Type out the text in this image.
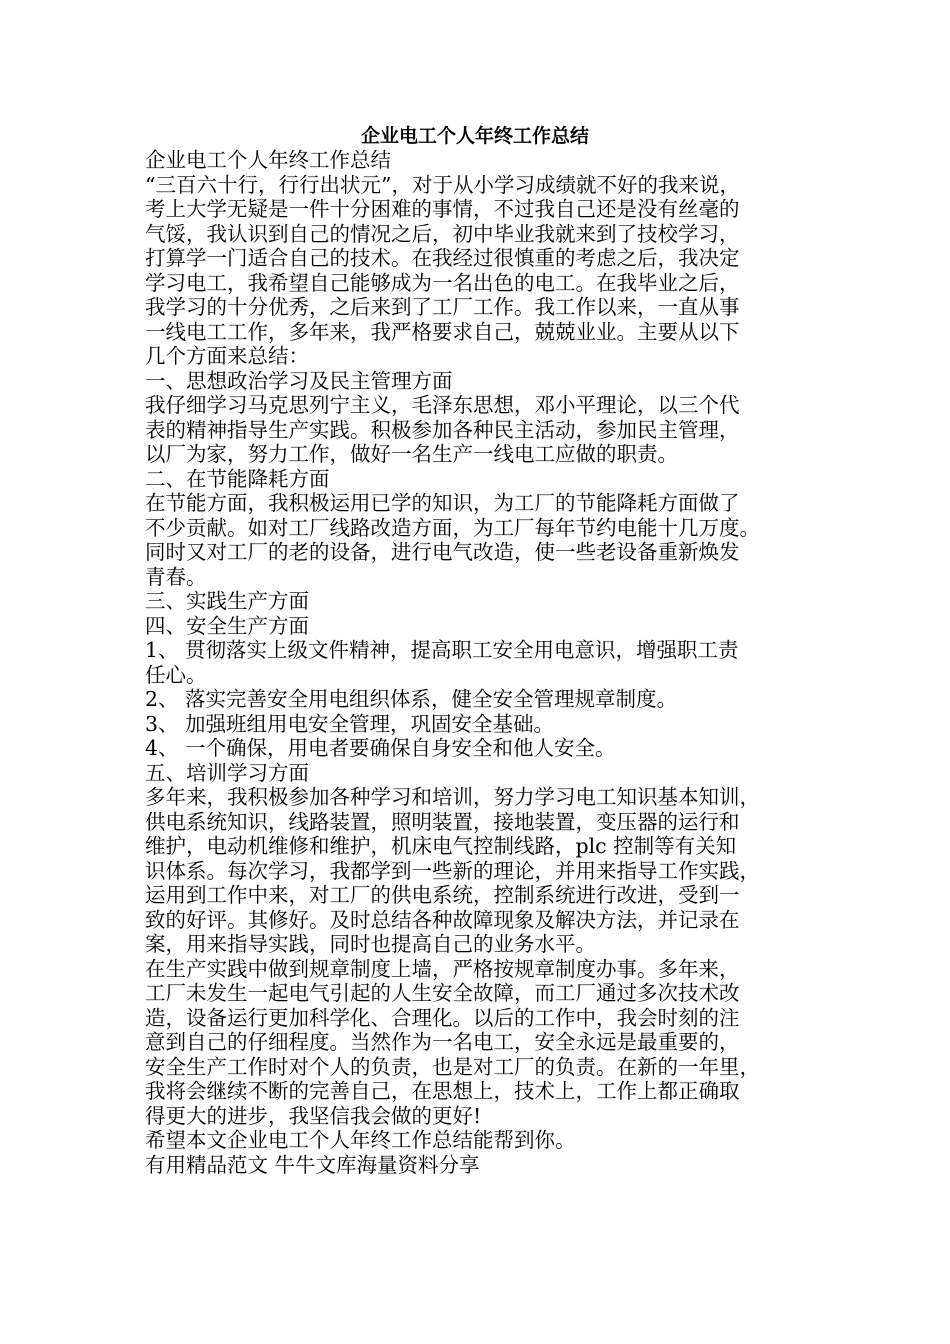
企业电工个人年终工作总结
企业电工个人年终工作总结
“三百六十行，行行出状元”，对于从小学习成绩就不好的我来说，
考上大学无疑是一件十分困难的事情，不过我自己还是没有丝毫的
气馁，我认识到自己的情况之后，初中毕业我就来到了技校学习，
打算学一门适合自己的技术。在我经过很慎重的考虑之后，我决定
学习电工，我希望自己能够成为一名出色的电工。在我毕业之后，
我学习的十分优秀，之后来到了工厂工作。我工作以来，一直从事
一线电工工作，多年来，我严格要求自己，兢兢业业。主要从以下
几个方面来总结：
一、思想政治学习及民主管理方面
我仔细学习马克思列宁主义，毛泽东思想，邓小平理论，以三个代
表的精神指导生产实践。积极参加各种民主活动，参加民主管理，
以厂为家，努力工作，做好一名生产一线电工应做的职责。
二、在节能降耗方面
在节能方面，我积极运用已学的知识，为工厂的节能降耗方面做了
不少贡献。如对工厂线路改造方面，为工厂每年节约电能十几万度。
同时又对工厂的老的设备，进行电气改造，使一些老设备重新焕发
青春。
三、实践生产方面
四、安全生产方面
1、 贯彻落实上级文件精神，提高职工安全用电意识，增强职工责
任心。
2、 落实完善安全用电组织体系，健全安全管理规章制度。
3、 加强班组用电安全管理，巩固安全基础。
4、 一个确保，用电者要确保自身安全和他人安全。
五、培训学习方面
多年来，我积极参加各种学习和培训，努力学习电工知识基本知训，
供电系统知识，线路装置，照明装置，接地装置，变压器的运行和
维护，电动机维修和维护，机床电气控制线路，plc 控制等有关知
识体系。每次学习，我都学到一些新的理论，并用来指导工作实践，
运用到工作中来，对工厂的供电系统，控制系统进行改进，受到一
致的好评。其修好。及时总结各种故障现象及解决方法，并记录在
案，用来指导实践，同时也提高自己的业务水平。
在生产实践中做到规章制度上墙，严格按规章制度办事。多年来，
工厂未发生一起电气引起的人生安全故障，而工厂通过多次技术改
造，设备运行更加科学化、合理化。以后的工作中，我会时刻的注
意到自己的仔细程度。当然作为一名电工，安全永远是最重要的，
安全生产工作时对个人的负责，也是对工厂的负责。在新的一年里，
我将会继续不断的完善自己，在思想上，技术上，工作上都正确取
得更大的进步，我坚信我会做的更好!
希望本文企业电工个人年终工作总结能帮到你。
有用精品范文 牛牛文库海量资料分享
